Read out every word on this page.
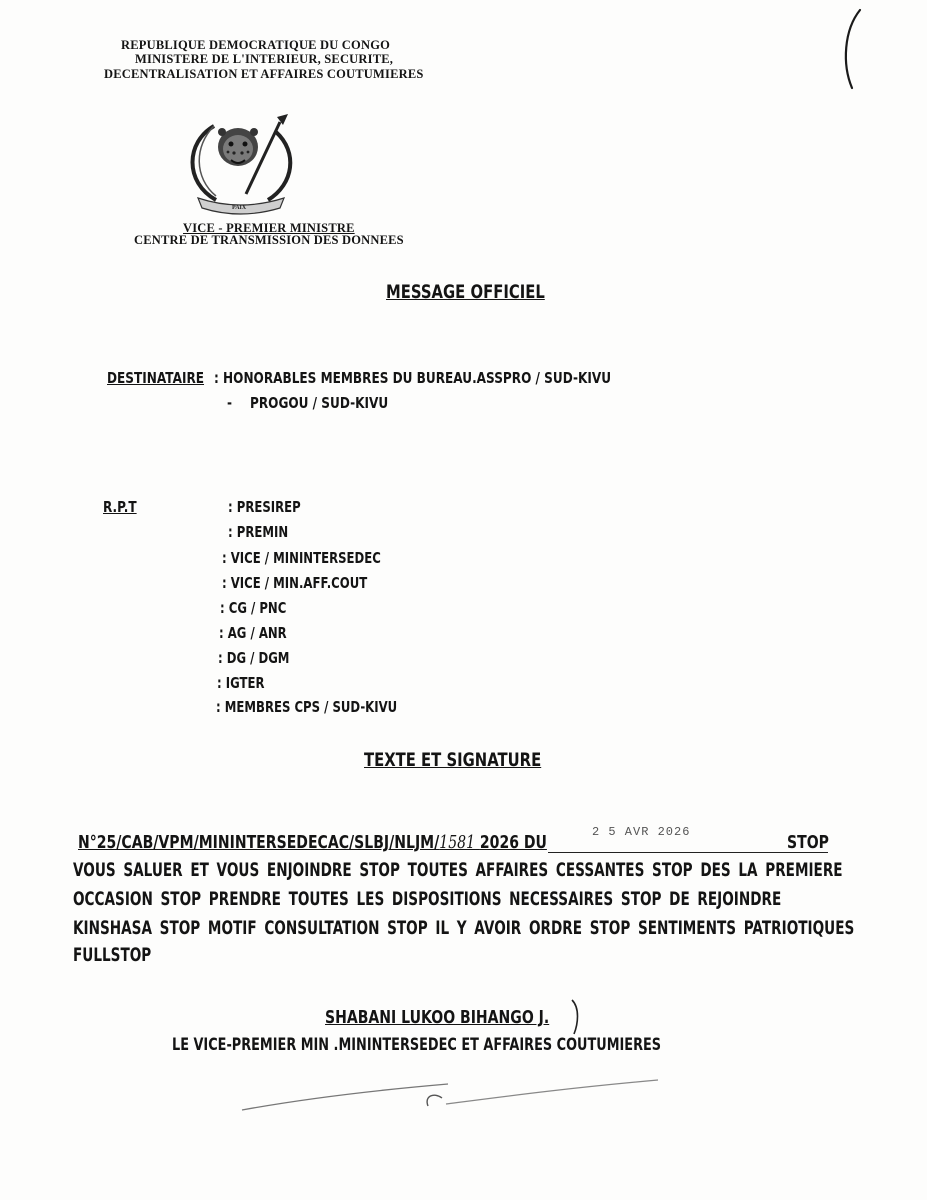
REPUBLIQUE DEMOCRATIQUE DU CONGO
MINISTERE DE L'INTERIEUR, SECURITE,
DECENTRALISATION ET AFFAIRES COUTUMIERES
PAIX
VICE - PREMIER MINISTRE
CENTRE DE TRANSMISSION DES DONNEES
MESSAGE OFFICIEL
DESTINATAIRE : HONORABLES MEMBRES DU BUREAU.ASSPRO / SUD-KIVU
- PROGOU / SUD-KIVU
R.P.T	: PRESIREP
: PREMIN
: VICE / MININTERSEDEC
: VICE / MIN.AFF.COUT
: CG / PNC
: AG / ANR
: DG / DGM
: IGTER
: MEMBRES CPS / SUD-KIVU
TEXTE ET SIGNATURE
N°25/CAB/VPM/MININTERSEDECAC/SLBJ/NLJM/1581 2026 DU	2 5 AVR 2026	STOP
VOUS SALUER ET VOUS ENJOINDRE STOP TOUTES AFFAIRES CESSANTES STOP DES LA PREMIERE
OCCASION STOP PRENDRE TOUTES LES DISPOSITIONS NECESSAIRES STOP DE REJOINDRE
KINSHASA STOP MOTIF CONSULTATION STOP IL Y AVOIR ORDRE STOP SENTIMENTS PATRIOTIQUES
FULLSTOP
SHABANI LUKOO BIHANGO J.
LE VICE-PREMIER MIN .MININTERSEDEC ET AFFAIRES COUTUMIERES
